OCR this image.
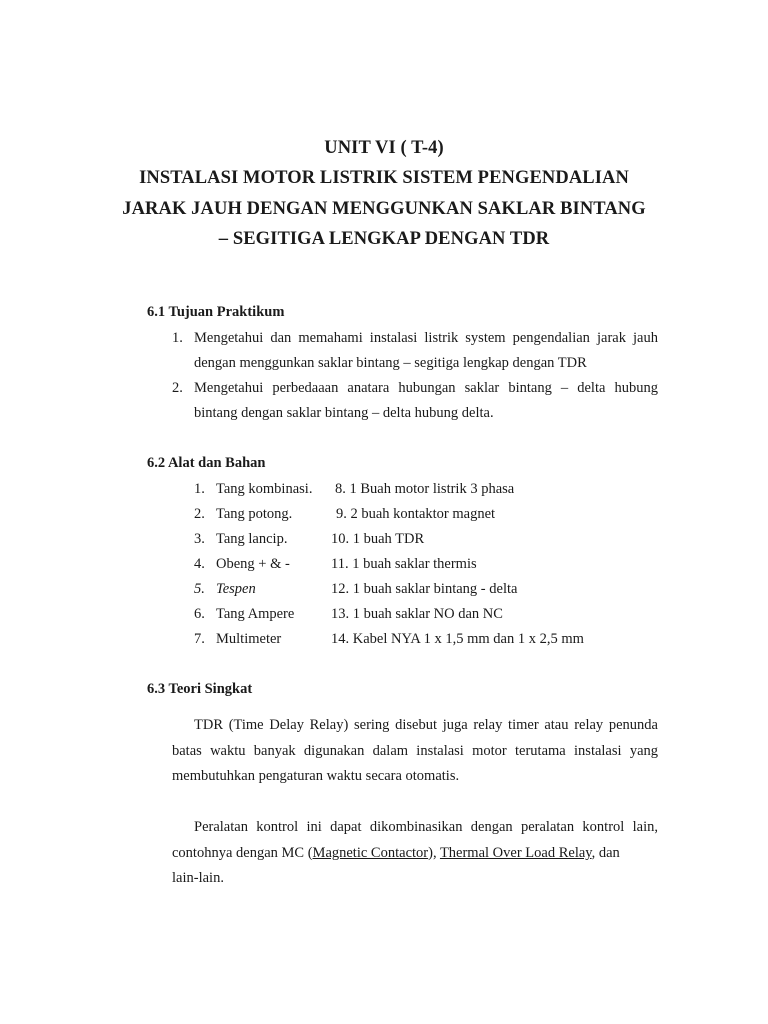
UNIT VI ( T-4)
INSTALASI MOTOR LISTRIK SISTEM PENGENDALIAN
JARAK JAUH DENGAN MENGGUNKAN SAKLAR BINTANG
– SEGITIGA LENGKAP DENGAN TDR
6.1 Tujuan Praktikum
1. Mengetahui dan memahami instalasi listrik system pengendalian jarak jauh
dengan menggunkan saklar bintang – segitiga lengkap dengan TDR
2. Mengetahui perbedaaan anatara hubungan saklar bintang – delta hubung
bintang dengan saklar bintang – delta hubung delta.
6.2 Alat dan Bahan
1. Tang kombinasi. 8. 1 Buah motor listrik 3 phasa
2. Tang potong.	9. 2 buah kontaktor magnet
3. Tang lancip.	10. 1 buah TDR
4. Obeng + & -	11. 1 buah saklar thermis
5. Tespen	12. 1 buah saklar bintang - delta
6. Tang Ampere	13. 1 buah saklar NO dan NC
7. Multimeter	14. Kabel NYA 1 x 1,5 mm dan 1 x 2,5 mm
6.3 Teori Singkat
TDR (Time Delay Relay) sering disebut juga relay timer atau relay penunda
batas waktu banyak digunakan dalam instalasi motor terutama instalasi yang
membutuhkan pengaturan waktu secara otomatis.
Peralatan kontrol ini dapat dikombinasikan dengan peralatan kontrol lain,
contohnya dengan MC (Magnetic Contactor), Thermal Over Load Relay, dan
lain-lain.
